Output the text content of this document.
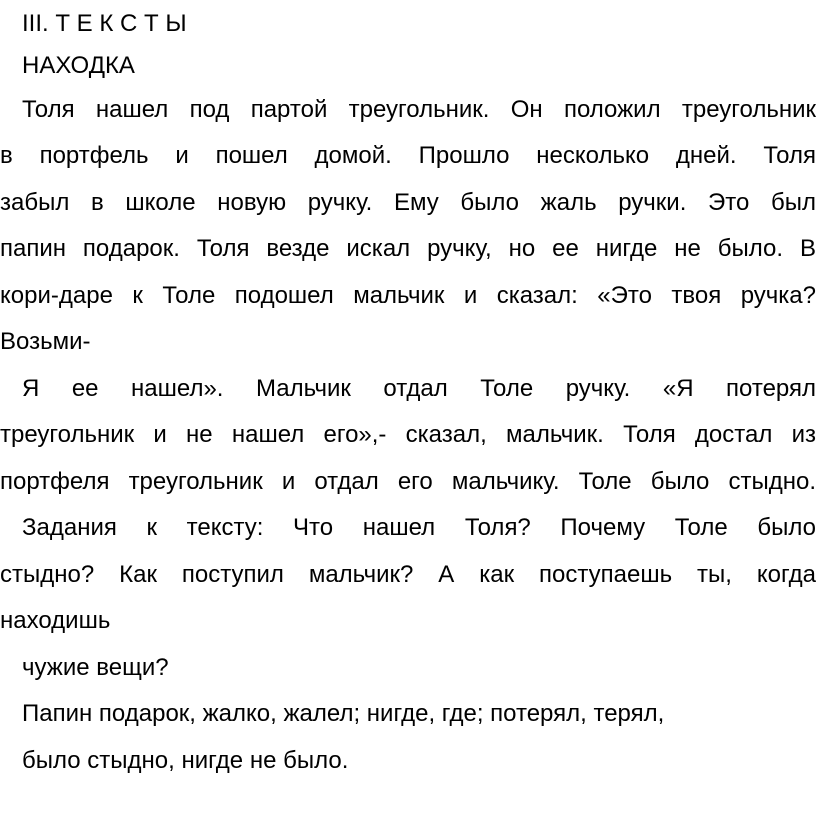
III. Т Е К С Т Ы
НАХОДКА
Толя нашел под партой треугольник. Он положил треугольник
в портфель и пошел домой. Прошло несколько дней. Толя
забыл в школе новую ручку. Ему было жаль ручки. Это был
папин подарок. Толя везде искал ручку, но ее нигде не было. В
кори-даре к Толе подошел мальчик и сказал: «Это твоя ручка?
Возьми-
Я ее нашел». Мальчик отдал Толе ручку. «Я потерял
треугольник и не нашел его»,- сказал, мальчик. Толя достал из
портфеля треугольник и отдал его мальчику. Толе было стыдно.
Задания к тексту: Что нашел Толя? Почему Толе было
стыдно? Как поступил мальчик? А как поступаешь ты, когда
находишь
чужие вещи?
Папин подарок, жалко, жалел; нигде, где; потерял, терял,
было стыдно, нигде не было.
